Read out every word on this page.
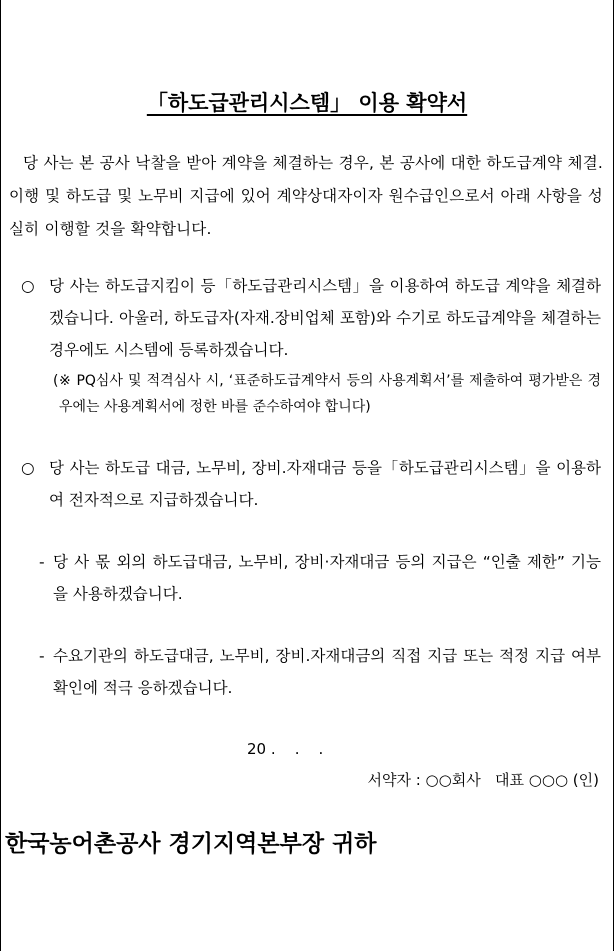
「하도급관리시스템」 이용 확약서

당 사는 본 공사 낙찰을 받아 계약을 체결하는 경우, 본 공사에 대한 하도급계약 체결.이행 및 하도급 및 노무비 지급에 있어 계약상대자이자 원수급인으로서 아래 사항을 성실히 이행할 것을 확약합니다.

○ 당 사는 하도급지킴이 등「하도급관리시스템」을 이용하여 하도급 계약을 체결하겠습니다. 아울러, 하도급자(자재.장비업체 포함)와 수기로 하도급계약을 체결하는 경우에도 시스템에 등록하겠습니다.

(※ PQ심사 및 적격심사 시, ‘표준하도급계약서 등의 사용계획서’를 제출하여 평가받은 경우에는 사용계획서에 정한 바를 준수하여야 합니다)

○ 당 사는 하도급 대금, 노무비, 장비.자재대금 등을「하도급관리시스템」을 이용하여 전자적으로 지급하겠습니다.
- 당 사 몫 외의 하도급대금, 노무비, 장비·자재대금 등의 지급은 “인출 제한” 기능을 사용하겠습니다.
- 수요기관의 하도급대금, 노무비, 장비.자재대금의 직접 지급 또는 적정 지급 여부 확인에 적극 응하겠습니다.
20 .    .    .
서약자 : ○○회사   대표 ○○○ (인)
한국농어촌공사 경기지역본부장 귀하
